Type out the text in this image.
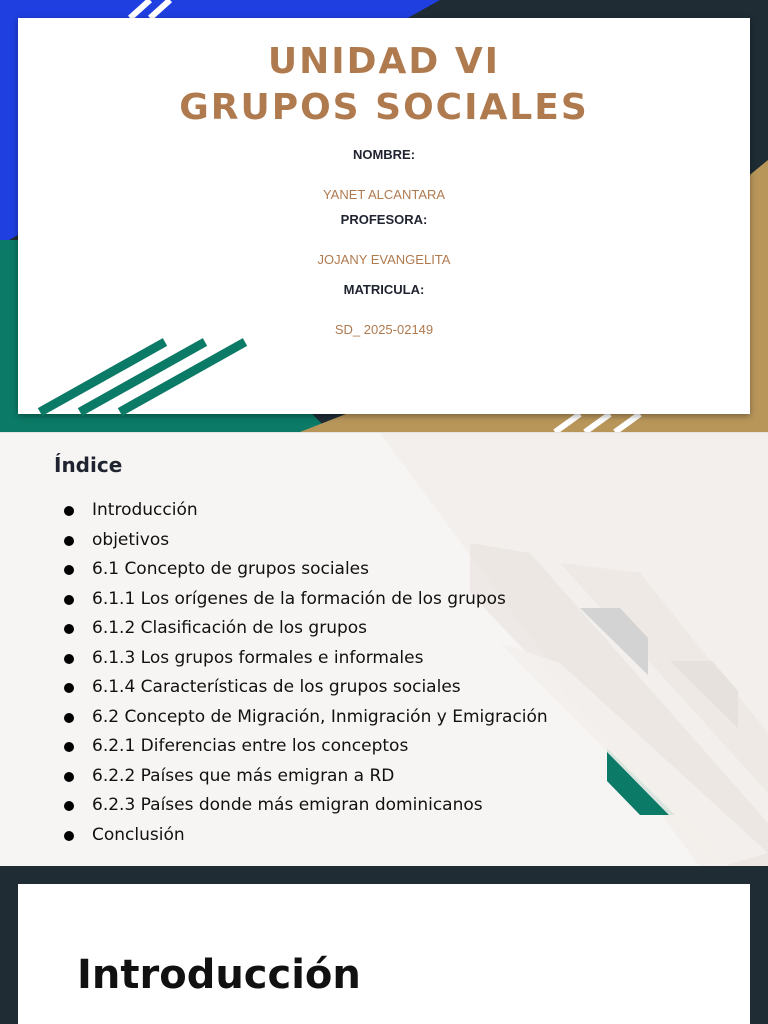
UNIDAD VI
GRUPOS SOCIALES
NOMBRE:
YANET ALCANTARA
PROFESORA:
JOJANY EVANGELITA
MATRICULA:
SD_ 2025-02149
Índice
Introducción
objetivos
6.1 Concepto de grupos sociales
6.1.1 Los orígenes de la formación de los grupos
6.1.2 Clasificación de los grupos
6.1.3 Los grupos formales e informales
6.1.4 Características de los grupos sociales
6.2 Concepto de Migración, Inmigración y Emigración
6.2.1 Diferencias entre los conceptos
6.2.2 Países que más emigran a RD
6.2.3 Países donde más emigran dominicanos
Conclusión
Introducción
